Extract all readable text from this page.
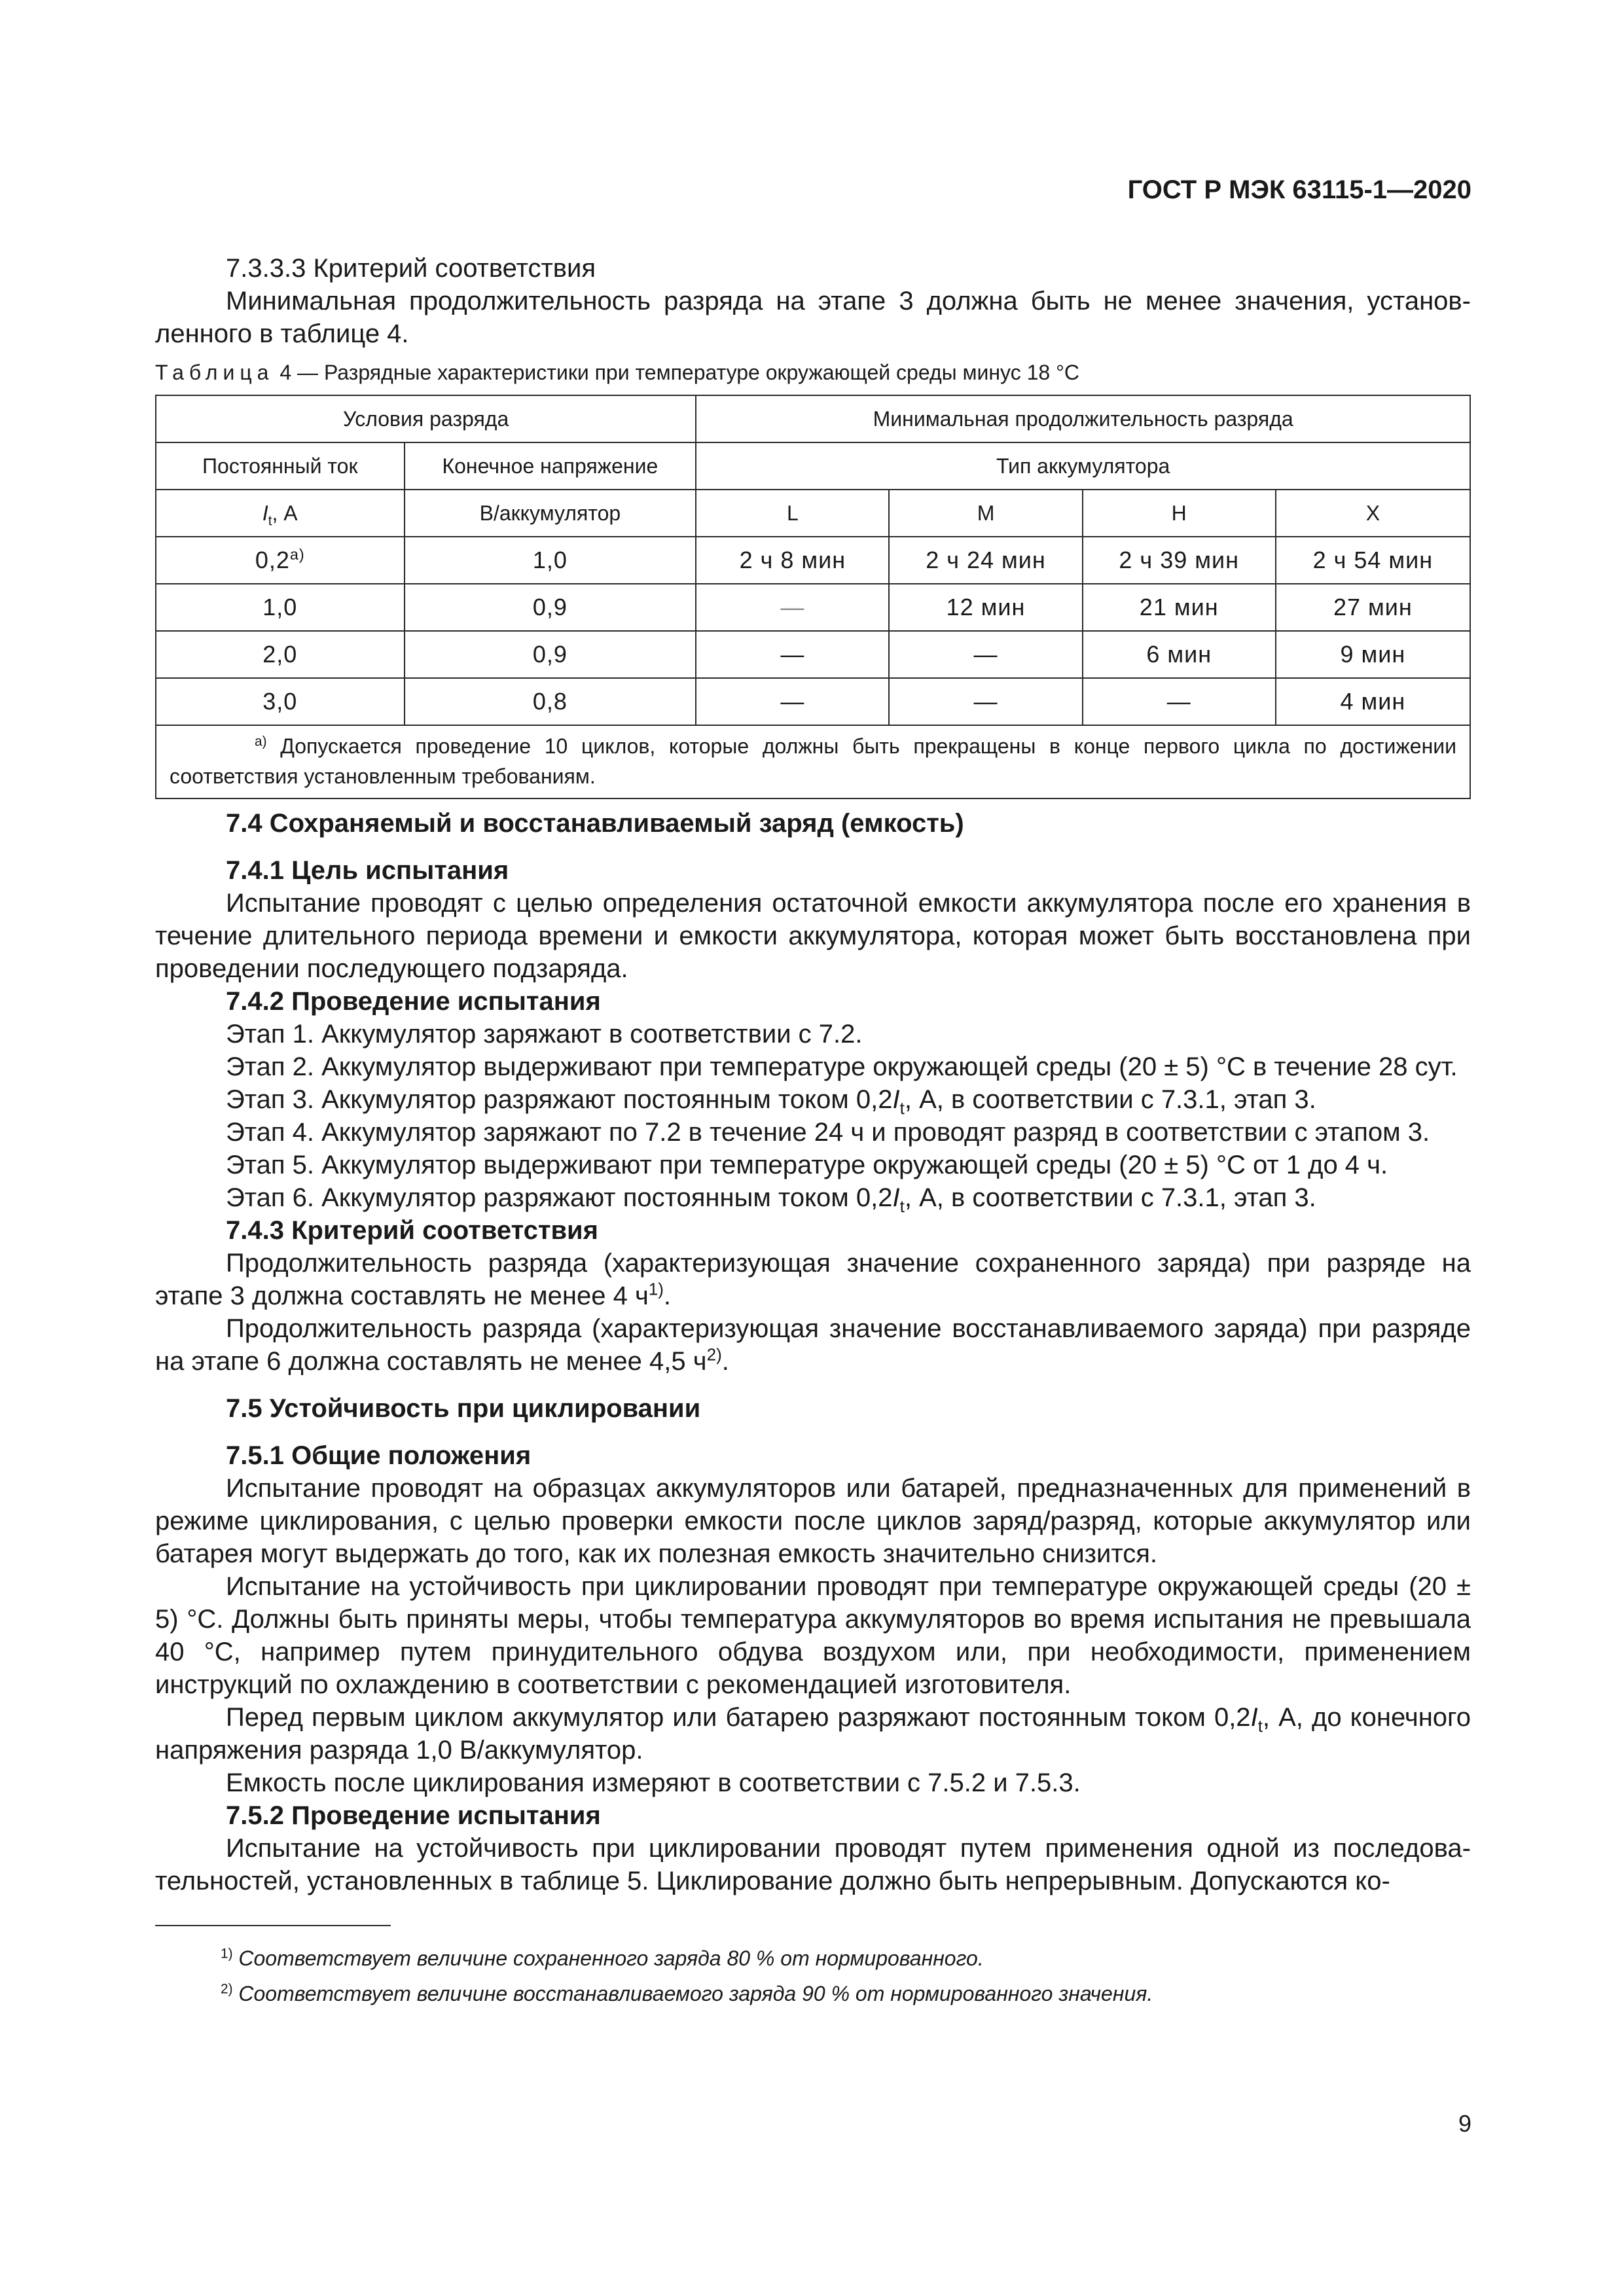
ГОСТ Р МЭК 63115-1—2020

7.3.3.3 Критерий соответствия

Минимальная продолжительность разряда на этапе 3 должна быть не менее значения, установленного в таблице 4.

Таблица 4 — Разрядные характеристики при температуре окружающей среды минус 18 °С
Условия разряда		Минимальная продолжительность разряда			
Постоянный ток	Конечное напряжение	Тип аккумулятора			
$I_t$, А	В/аккумулятор	L	M	H	X
$0,2^{а)}$	1,0	2 ч 8 мин	2 ч 24 мин	2 ч 39 мин	2 ч 54 мин
1,0	0,9	—	12 мин	21 мин	27 мин
2,0	0,9	—	—	6 мин	9 мин
3,0	0,8	—	—	—	4 мин
$^{а)}$ Допускается проведение 10 циклов, которые должны быть прекращены в конце первого цикла по достижении соответствия установленным требованиям.					

7.4 Сохраняемый и восстанавливаемый заряд (емкость)

7.4.1 Цель испытания

Испытание проводят с целью определения остаточной емкости аккумулятора после его хранения в течение длительного периода времени и емкости аккумулятора, которая может быть восстановлена при проведении последующего подзаряда.

7.4.2 Проведение испытания

Этап 1. Аккумулятор заряжают в соответствии с 7.2.

Этап 2. Аккумулятор выдерживают при температуре окружающей среды (20 ± 5) °С в течение 28 сут.

Этап 3. Аккумулятор разряжают постоянным током $0,2I_t$, А, в соответствии с 7.3.1, этап 3.

Этап 4. Аккумулятор заряжают по 7.2 в течение 24 ч и проводят разряд в соответствии с этапом 3.

Этап 5. Аккумулятор выдерживают при температуре окружающей среды (20 ± 5) °С от 1 до 4 ч.

Этап 6. Аккумулятор разряжают постоянным током $0,2I_t$, А, в соответствии с 7.3.1, этап 3.

7.4.3 Критерий соответствия

Продолжительность разряда (характеризующая значение сохраненного заряда) при разряде на этапе 3 должна составлять не менее 4 $ч^{1)}$.

Продолжительность разряда (характеризующая значение восстанавливаемого заряда) при разряде на этапе 6 должна составлять не менее 4,5 $ч^{2)}$.

7.5 Устойчивость при циклировании

7.5.1 Общие положения

Испытание проводят на образцах аккумуляторов или батарей, предназначенных для применений в режиме циклирования, с целью проверки емкости после циклов заряд/разряд, которые аккумулятор или батарея могут выдержать до того, как их полезная емкость значительно снизится.

Испытание на устойчивость при циклировании проводят при температуре окружающей среды (20 ± 5) °С. Должны быть приняты меры, чтобы температура аккумуляторов во время испытания не превышала 40 °С, например путем принудительного обдува воздухом или, при необходимости, применением инструкций по охлаждению в соответствии с рекомендацией изготовителя.

Перед первым циклом аккумулятор или батарею разряжают постоянным током $0,2I_t$, А, до конечного напряжения разряда 1,0 В/аккумулятор.

Емкость после циклирования измеряют в соответствии с 7.5.2 и 7.5.3.

7.5.2 Проведение испытания

Испытание на устойчивость при циклировании проводят путем применения одной из последовательностей, установленных в таблице 5. Циклирование должно быть непрерывным. Допускаются ко-

$^{1)}$ Соответствует величине сохраненного заряда 80 % от нормированного.
$^{2)}$ Соответствует величине восстанавливаемого заряда 90 % от нормированного значения.
9
